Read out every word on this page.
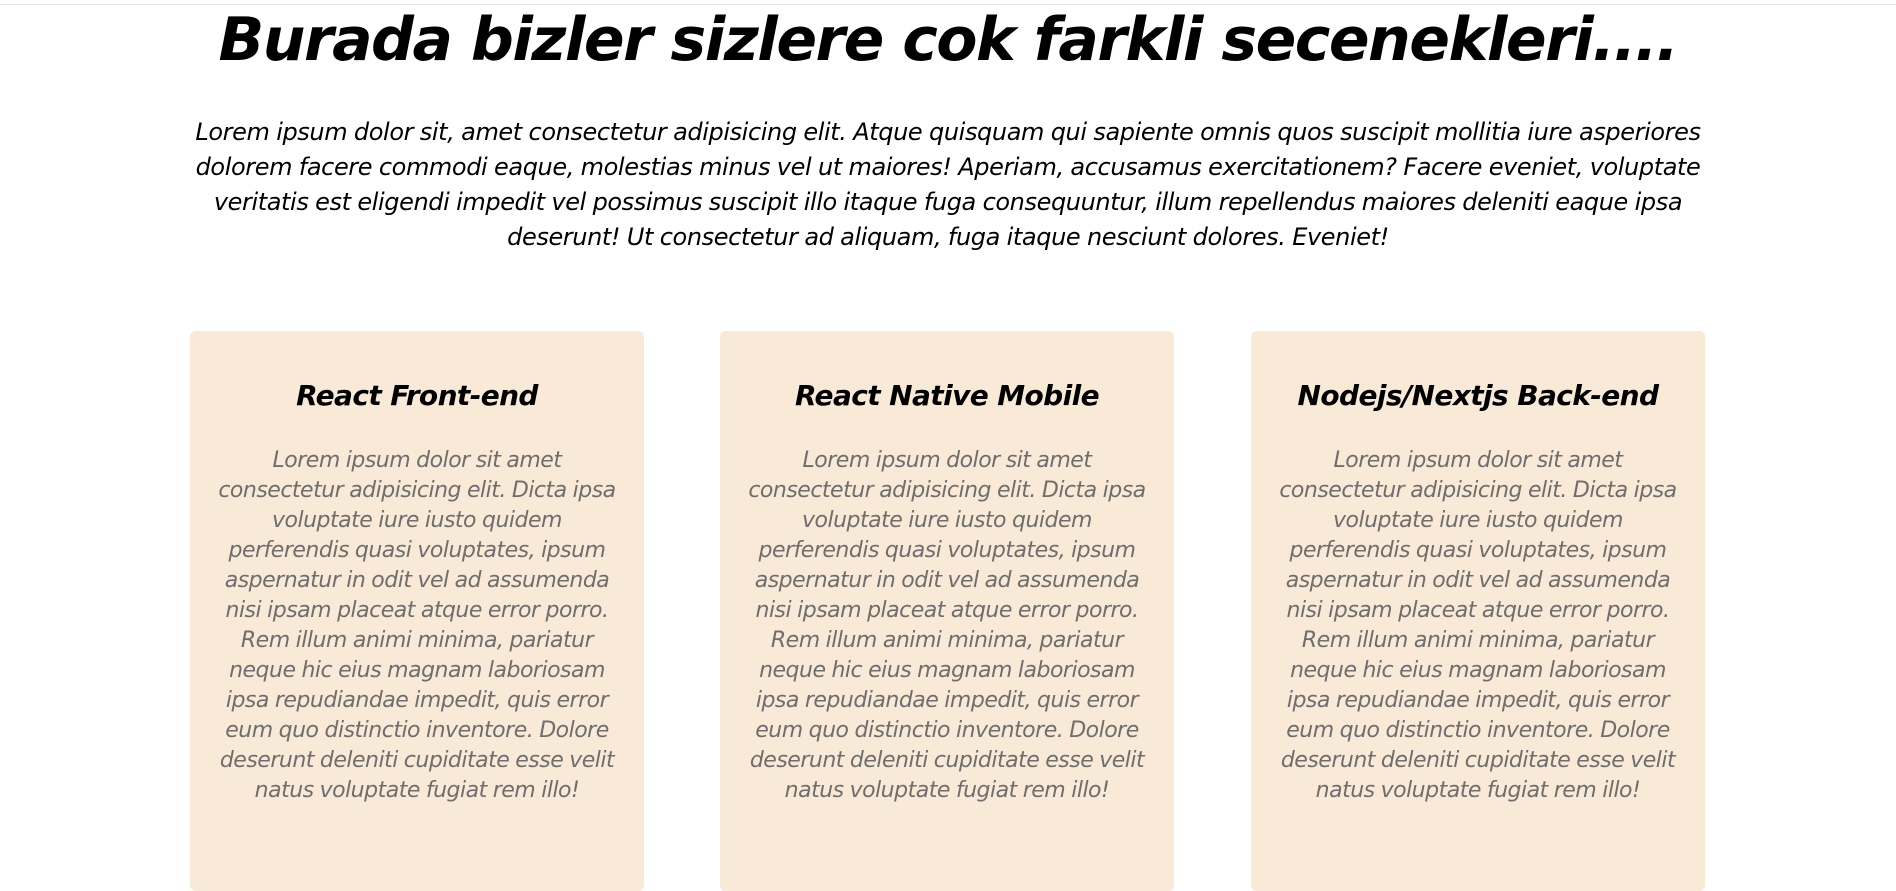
Burada bizler sizlere cok farkli secenekleri....

Lorem ipsum dolor sit, amet consectetur adipisicing elit. Atque quisquam qui sapiente omnis quos suscipit mollitia iure asperiores dolorem facere commodi eaque, molestias minus vel ut maiores! Aperiam, accusamus exercitationem? Facere eveniet, voluptate veritatis est eligendi impedit vel possimus suscipit illo itaque fuga consequuntur, illum repellendus maiores deleniti eaque ipsa deserunt! Ut consectetur ad aliquam, fuga itaque nesciunt dolores. Eveniet!

React Front-end

Lorem ipsum dolor sit amet consectetur adipisicing elit. Dicta ipsa voluptate iure iusto quidem perferendis quasi voluptates, ipsum aspernatur in odit vel ad assumenda nisi ipsam placeat atque error porro. Rem illum animi minima, pariatur neque hic eius magnam laboriosam ipsa repudiandae impedit, quis error eum quo distinctio inventore. Dolore deserunt deleniti cupiditate esse velit natus voluptate fugiat rem illo!

React Native Mobile

Lorem ipsum dolor sit amet consectetur adipisicing elit. Dicta ipsa voluptate iure iusto quidem perferendis quasi voluptates, ipsum aspernatur in odit vel ad assumenda nisi ipsam placeat atque error porro. Rem illum animi minima, pariatur neque hic eius magnam laboriosam ipsa repudiandae impedit, quis error eum quo distinctio inventore. Dolore deserunt deleniti cupiditate esse velit natus voluptate fugiat rem illo!

Nodejs/Nextjs Back-end

Lorem ipsum dolor sit amet consectetur adipisicing elit. Dicta ipsa voluptate iure iusto quidem perferendis quasi voluptates, ipsum aspernatur in odit vel ad assumenda nisi ipsam placeat atque error porro. Rem illum animi minima, pariatur neque hic eius magnam laboriosam ipsa repudiandae impedit, quis error eum quo distinctio inventore. Dolore deserunt deleniti cupiditate esse velit natus voluptate fugiat rem illo!
